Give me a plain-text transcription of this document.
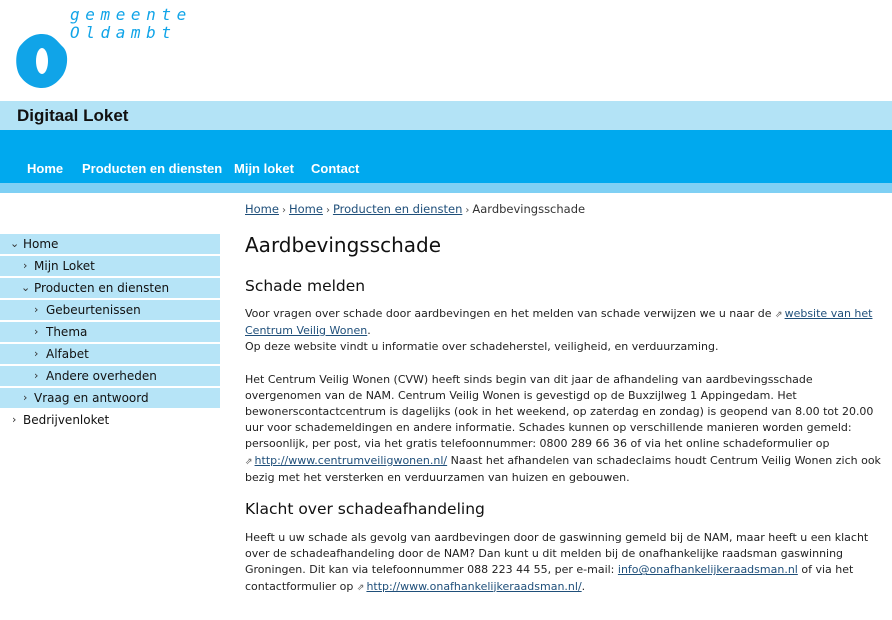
gemeente
Oldambt
Digitaal Loket
Home Producten en diensten Mijn loket Contact
Home › Home › Producten en diensten › Aardbevingsschade
⌄ Home
› Mijn Loket
⌄ Producten en diensten
› Gebeurtenissen
› Thema
› Alfabet
› Andere overheden
› Vraag en antwoord
› Bedrijvenloket
Aardbevingsschade
Schade melden
Voor vragen over schade door aardbevingen en het melden van schade verwijzen we u naar de ⇗ website van het
Centrum Veilig Wonen.
Op deze website vindt u informatie over schadeherstel, veiligheid, en verduurzaming.
Het Centrum Veilig Wonen (CVW) heeft sinds begin van dit jaar de afhandeling van aardbevingsschade
overgenomen van de NAM. Centrum Veilig Wonen is gevestigd op de Buxzijlweg 1 Appingedam. Het
bewonerscontactcentrum is dagelijks (ook in het weekend, op zaterdag en zondag) is geopend van 8.00 tot 20.00
uur voor schademeldingen en andere informatie. Schades kunnen op verschillende manieren worden gemeld:
persoonlijk, per post, via het gratis telefoonnummer: 0800 289 66 36 of via het online schadeformulier op
⇗ http://www.centrumveiligwonen.nl/ Naast het afhandelen van schadeclaims houdt Centrum Veilig Wonen zich ook
bezig met het versterken en verduurzamen van huizen en gebouwen.
Klacht over schadeafhandeling
Heeft u uw schade als gevolg van aardbevingen door de gaswinning gemeld bij de NAM, maar heeft u een klacht
over de schadeafhandeling door de NAM? Dan kunt u dit melden bij de onafhankelijke raadsman gaswinning
Groningen. Dit kan via telefoonnummer 088 223 44 55, per e-mail: info@onafhankelijkeraadsman.nl of via het
contactformulier op ⇗ http://www.onafhankelijkeraadsman.nl/.
